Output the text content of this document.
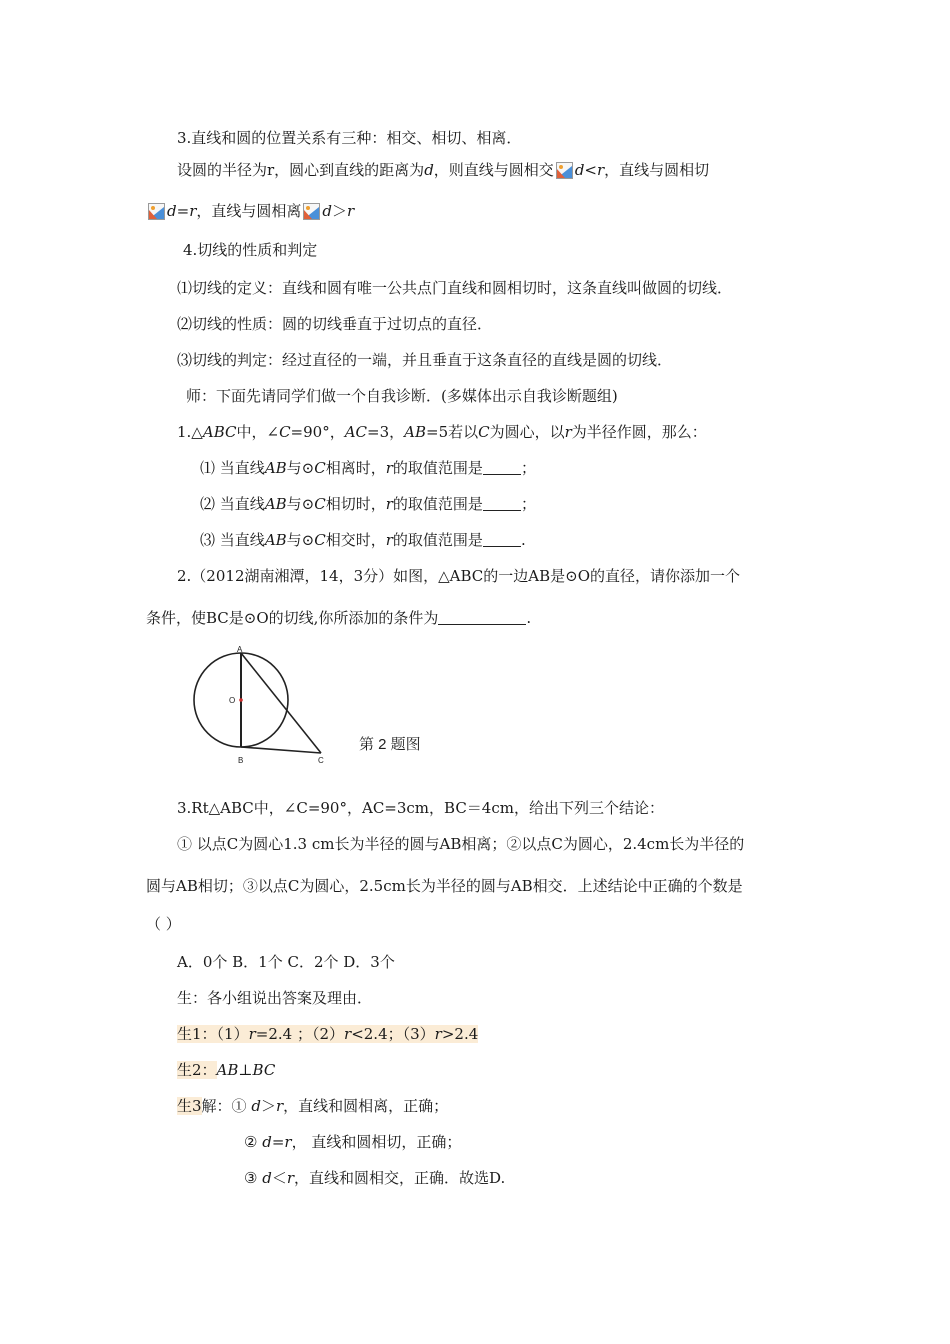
3.直线和圆的位置关系有三种：相交、相切、相离．
设圆的半径为r，圆心到直线的距离为d，则直线与圆相交 d<r，直线与圆相切
d=r，直线与圆相离 d＞r
4.切线的性质和判定
⑴切线的定义：直线和圆有唯一公共点门直线和圆相切时，这条直线叫做圆的切线．
⑵切线的性质：圆的切线垂直于过切点的直径．
⑶切线的判定：经过直径的一端，并且垂直于这条直径的直线是圆的切线．
师：下面先请同学们做一个自我诊断．(多媒体出示自我诊断题组)
1.△ABC中，∠C=90°，AC=3，AB=5若以C为圆心，以r为半径作圆，那么：
⑴ 当直线AB与⊙C相离时，r的取值范围是	；
⑵ 当直线AB与⊙C相切时，r的取值范围是	；
⑶ 当直线AB与⊙C相交时，r的取值范围是	.
2.（2012湖南湘潭，14，3分）如图，△ABC的一边AB是⊙O的直径，请你添加一个
条件，使BC是⊙O的切线,你所添加的条件为	.
A
O
B	C
第 2 题图
3.Rt△ABC中，∠C=90°，AC=3cm，BC＝4cm，给出下列三个结论：
① 以点C为圆心1.3 cm长为半径的圆与AB相离；②以点C为圆心，2.4cm长为半径的
圆与AB相切；③以点C为圆心，2.5cm长为半径的圆与AB相交．上述结论中正确的个数是
（ ）
A．0个 B．1个 C．2个 D．3个
生：各小组说出答案及理由．
生1：（1）r=2.4 ；（2）r<2.4；（3）r>2.4
生2：AB⊥BC
生3解：① d＞r，直线和圆相离，正确；
② d=r， 直线和圆相切，正确；
③ d＜r，直线和圆相交，正确．故选D.
